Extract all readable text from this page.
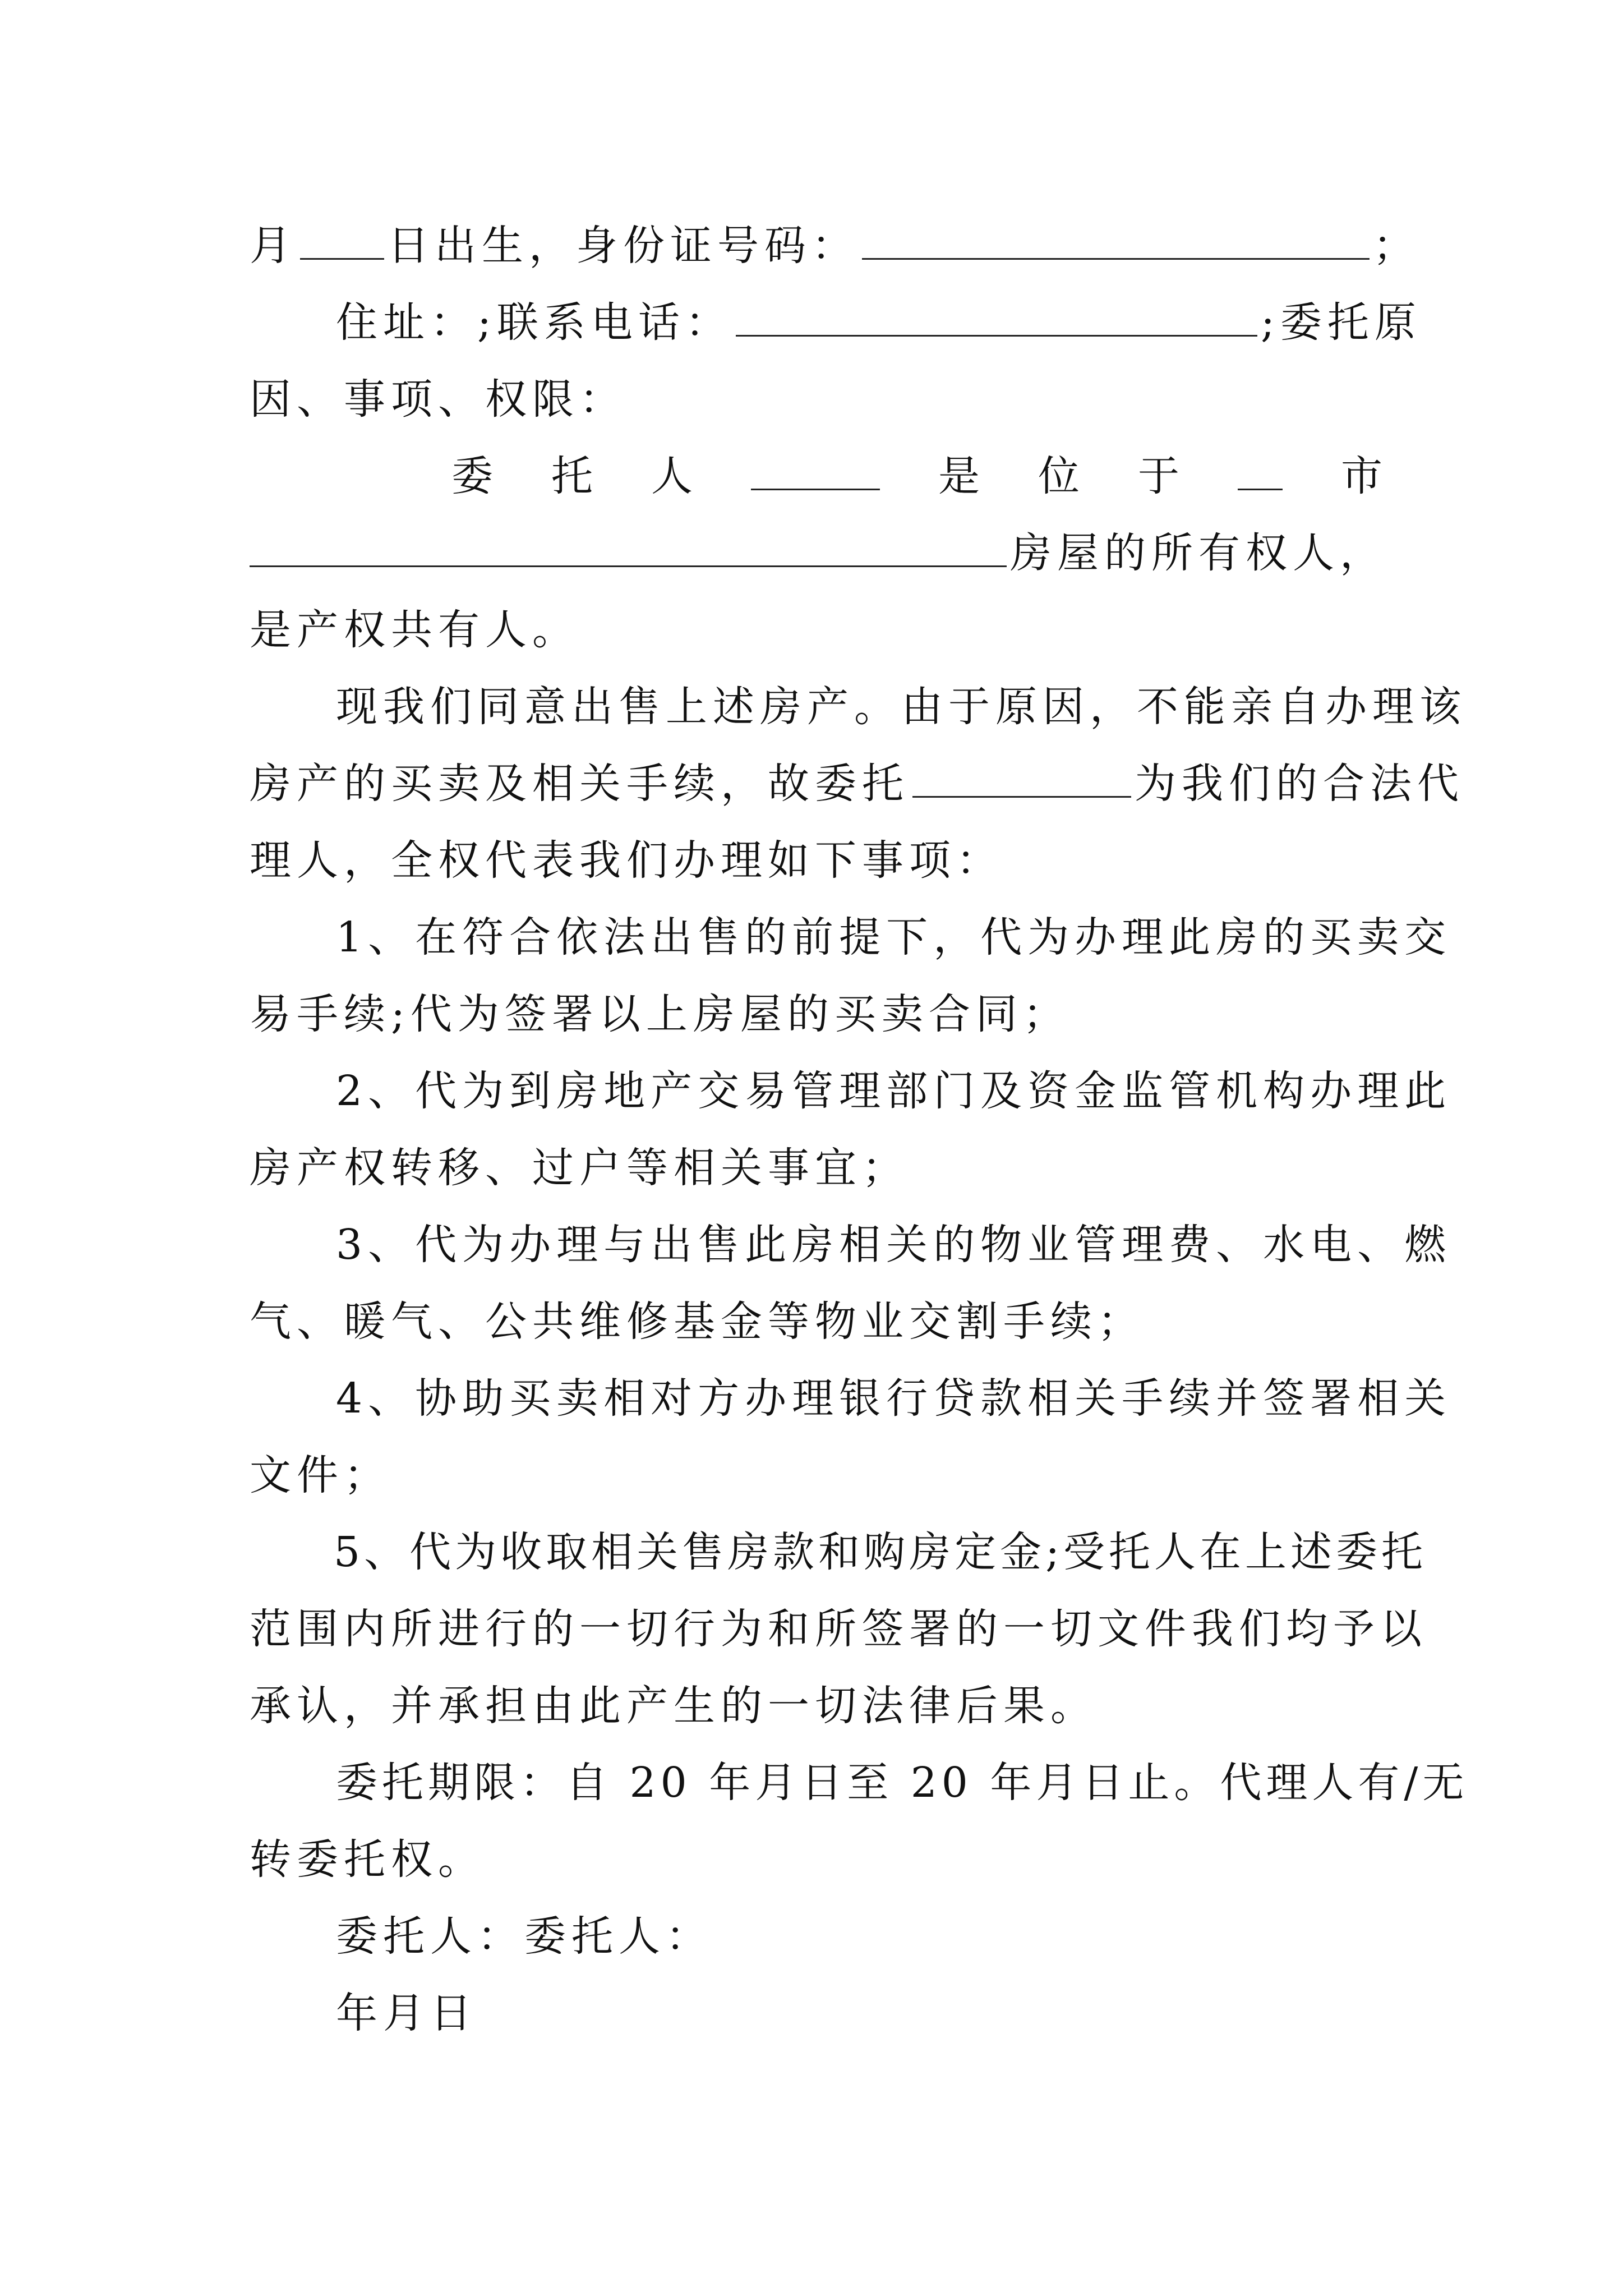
月 日出生，身份证号码：	；
住址：;联系电话：	;委托原
因、事项、权限：
委 托 人	是 位 于	市
房屋的所有权人，
是产权共有人。
现我们同意出售上述房产。由于原因，不能亲自办理该
房产的买卖及相关手续，故委托	为我们的合法代
理人，全权代表我们办理如下事项：
1、在符合依法出售的前提下，代为办理此房的买卖交
易手续;代为签署以上房屋的买卖合同；
2、代为到房地产交易管理部门及资金监管机构办理此
房产权转移、过户等相关事宜；
3、代为办理与出售此房相关的物业管理费、水电、燃
气、暖气、公共维修基金等物业交割手续；
4、协助买卖相对方办理银行贷款相关手续并签署相关
文件；
5、代为收取相关售房款和购房定金;受托人在上述委托
范围内所进行的一切行为和所签署的一切文件我们均予以
承认，并承担由此产生的一切法律后果。
委托期限：自 20 年月日至 20 年月日止。代理人有/无
转委托权。
委托人：委托人：
年月日
